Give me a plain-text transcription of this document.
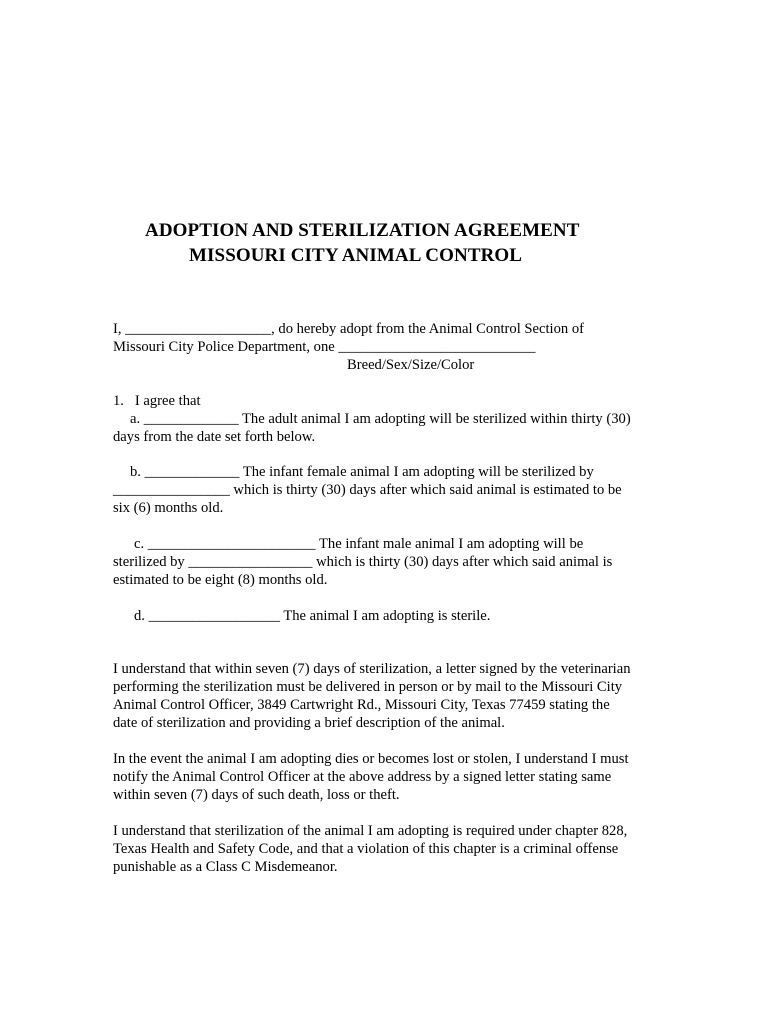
ADOPTION AND STERILIZATION AGREEMENT
MISSOURI CITY ANIMAL CONTROL
I, ____________________, do hereby adopt from the Animal Control Section of
Missouri City Police Department, one ___________________________
Breed/Sex/Size/Color
1.   I agree that
a. _____________ The adult animal I am adopting will be sterilized within thirty (30)
days from the date set forth below.
b. _____________ The infant female animal I am adopting will be sterilized by
________________ which is thirty (30) days after which said animal is estimated to be
six (6) months old.
c. _______________________ The infant male animal I am adopting will be
sterilized by _________________ which is thirty (30) days after which said animal is
estimated to be eight (8) months old.
d. __________________ The animal I am adopting is sterile.
I understand that within seven (7) days of sterilization, a letter signed by the veterinarian
performing the sterilization must be delivered in person or by mail to the Missouri City
Animal Control Officer, 3849 Cartwright Rd., Missouri City, Texas 77459 stating the
date of sterilization and providing a brief description of the animal.
In the event the animal I am adopting dies or becomes lost or stolen, I understand I must
notify the Animal Control Officer at the above address by a signed letter stating same
within seven (7) days of such death, loss or theft.
I understand that sterilization of the animal I am adopting is required under chapter 828,
Texas Health and Safety Code, and that a violation of this chapter is a criminal offense
punishable as a Class C Misdemeanor.
